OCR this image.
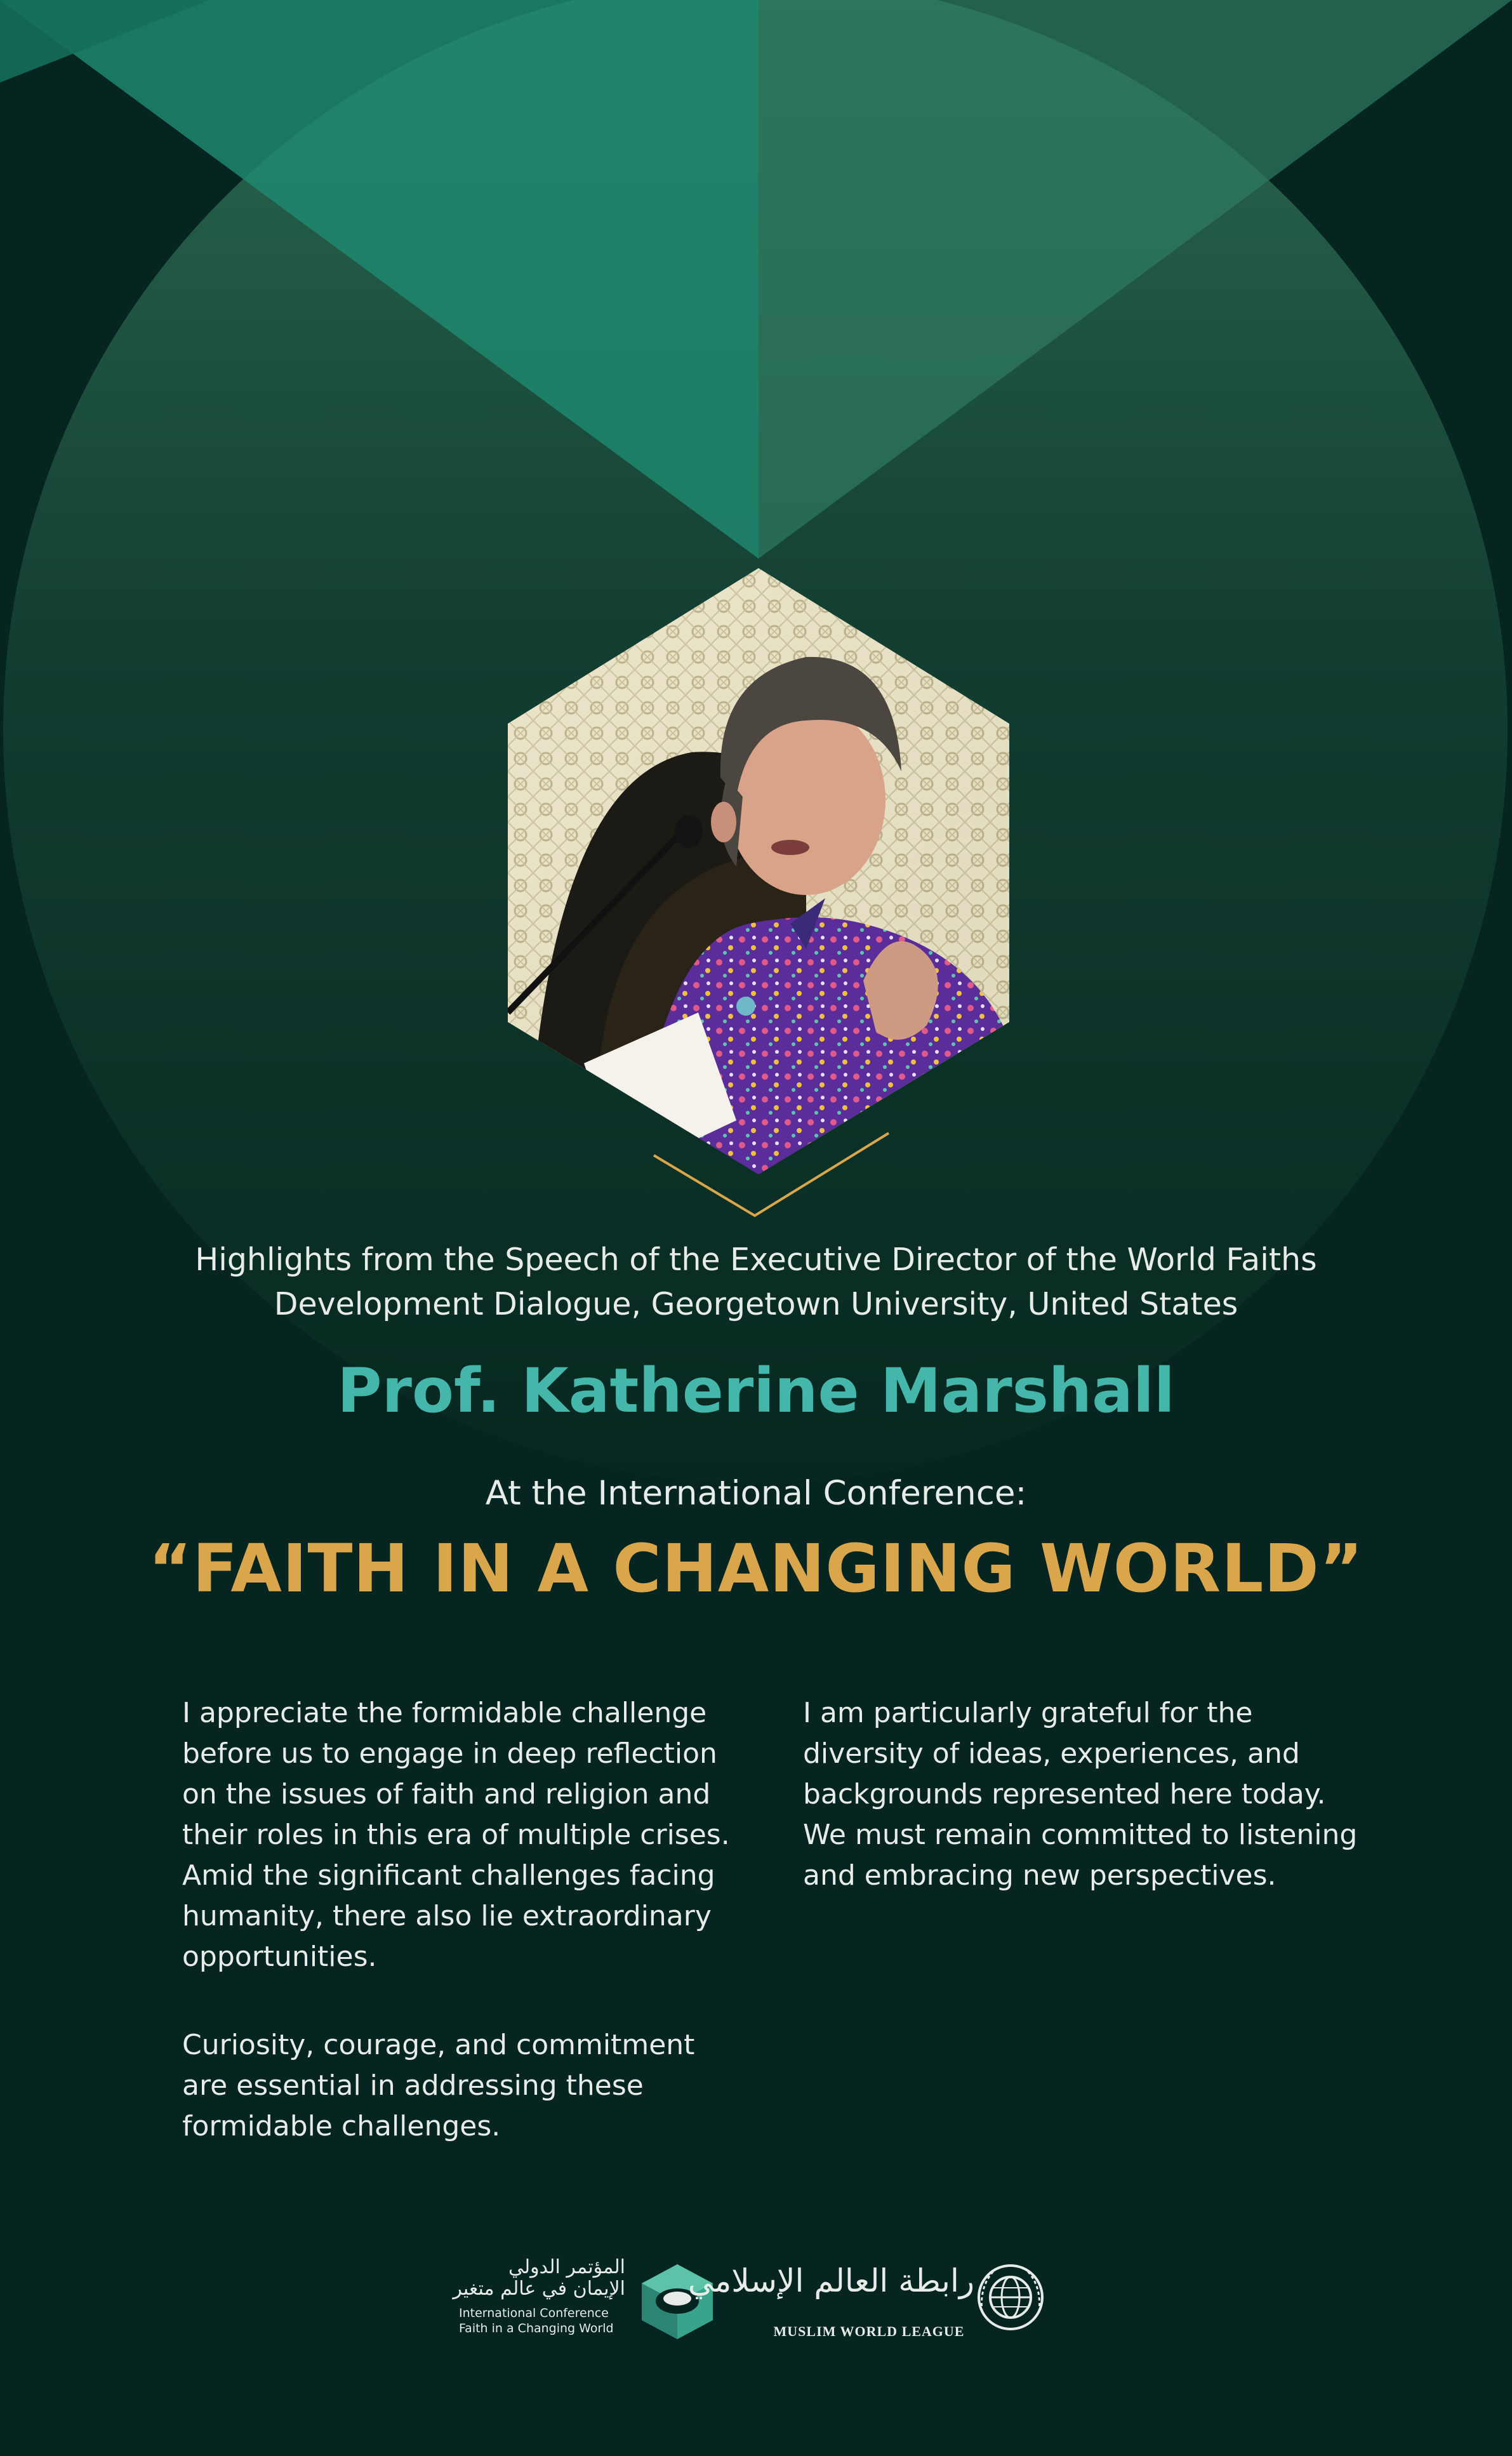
Highlights from the Speech of the Executive Director of the World Faiths
Development Dialogue, Georgetown University, United States
Prof. Katherine Marshall
At the International Conference:
“FAITH IN A CHANGING WORLD”

I appreciate the formidable challenge before us to engage in deep reflection on the issues of faith and religion and their roles in this era of multiple crises. Amid the significant challenges facing humanity, there also lie extraordinary opportunities.

Curiosity, courage, and commitment are essential in addressing these formidable challenges.

I am particularly grateful for the diversity of ideas, experiences, and backgrounds represented here today. We must remain committed to listening and embracing new perspectives.

المؤتمر الدولي
الإيمان في عالم متغير
International Conference
Faith in a Changing World
رابطة العالم الإسلامي
MUSLIM WORLD LEAGUE
